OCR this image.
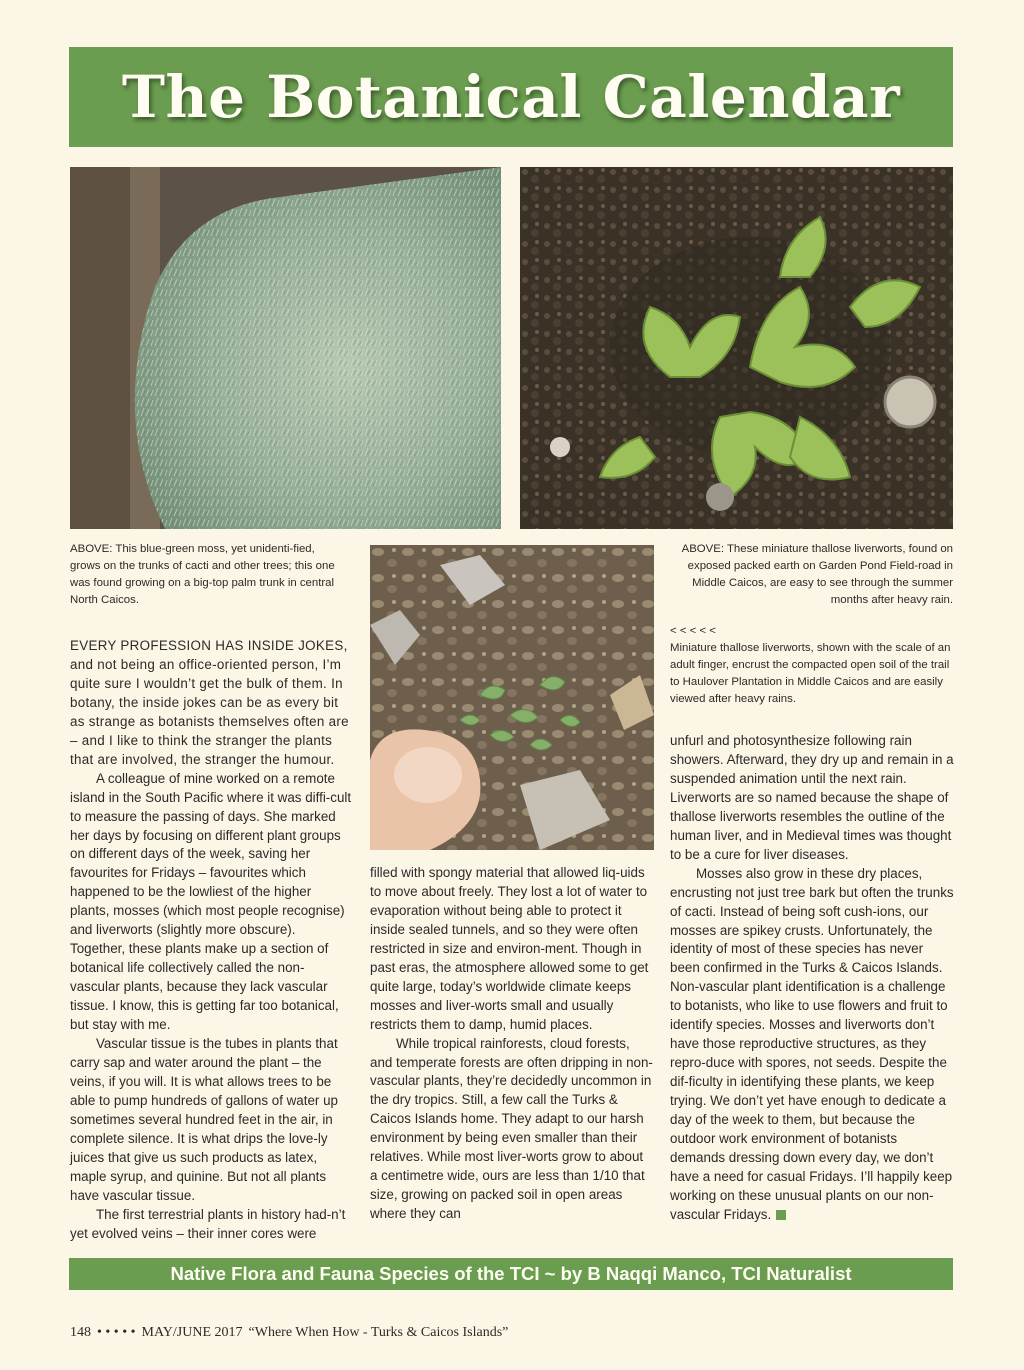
The Botanical Calendar

ABOVE: This blue-green moss, yet unidenti-fied, grows on the trunks of cacti and other trees; this one was found growing on a big-top palm trunk in central North Caicos.

ABOVE: These miniature thallose liverworts, found on exposed packed earth on Garden Pond Field-road in Middle Caicos, are easy to see through the summer months after heavy rain.

< < < < <

Miniature thallose liverworts, shown with the scale of an adult finger, encrust the compacted open soil of the trail to Haulover Plantation in Middle Caicos and are easily viewed after heavy rains.

EVERY PROFESSION HAS INSIDE JOKES, and not being an office-oriented person, I’m quite sure I wouldn’t get the bulk of them. In botany, the inside jokes can be as every bit as strange as botanists themselves often are – and I like to think the stranger the plants that are involved, the stranger the humour.

A colleague of mine worked on a remote island in the South Pacific where it was diffi-cult to measure the passing of days. She marked her days by focusing on different plant groups on different days of the week, saving her favourites for Fridays – favourites which happened to be the lowliest of the higher plants, mosses (which most people recognise) and liverworts (slightly more obscure). Together, these plants make up a section of botanical life collectively called the non-vascular plants, because they lack vascular tissue. I know, this is getting far too botanical, but stay with me.

Vascular tissue is the tubes in plants that carry sap and water around the plant – the veins, if you will. It is what allows trees to be able to pump hundreds of gallons of water up sometimes several hundred feet in the air, in complete silence. It is what drips the love-ly juices that give us such products as latex, maple syrup, and quinine. But not all plants have vascular tissue.

The first terrestrial plants in history had-n’t yet evolved veins – their inner cores were

filled with spongy material that allowed liq-uids to move about freely. They lost a lot of water to evaporation without being able to protect it inside sealed tunnels, and so they were often restricted in size and environ-ment. Though in past eras, the atmosphere allowed some to get quite large, today’s worldwide climate keeps mosses and liver-worts small and usually restricts them to damp, humid places.

While tropical rainforests, cloud forests, and temperate forests are often dripping in non-vascular plants, they’re decidedly uncommon in the dry tropics. Still, a few call the Turks & Caicos Islands home. They adapt to our harsh environment by being even smaller than their relatives. While most liver-worts grow to about a centimetre wide, ours are less than 1/10 that size, growing on packed soil in open areas where they can

unfurl and photosynthesize following rain showers. Afterward, they dry up and remain in a suspended animation until the next rain. Liverworts are so named because the shape of thallose liverworts resembles the outline of the human liver, and in Medieval times was thought to be a cure for liver diseases.

Mosses also grow in these dry places, encrusting not just tree bark but often the trunks of cacti. Instead of being soft cush-ions, our mosses are spikey crusts. Unfortunately, the identity of most of these species has never been confirmed in the Turks & Caicos Islands. Non-vascular plant identification is a challenge to botanists, who like to use flowers and fruit to identify species. Mosses and liverworts don’t have those reproductive structures, as they repro-duce with spores, not seeds. Despite the dif-ficulty in identifying these plants, we keep trying. We don’t yet have enough to dedicate a day of the week to them, but because the outdoor work environment of botanists demands dressing down every day, we don’t have a need for casual Fridays. I’ll happily keep working on these unusual plants on our non-vascular Fridays.

Native Flora and Fauna Species of the TCI ~ by B Naqqi Manco, TCI Naturalist
148 • • • • • MAY/JUNE 2017 “Where When How - Turks & Caicos Islands”
